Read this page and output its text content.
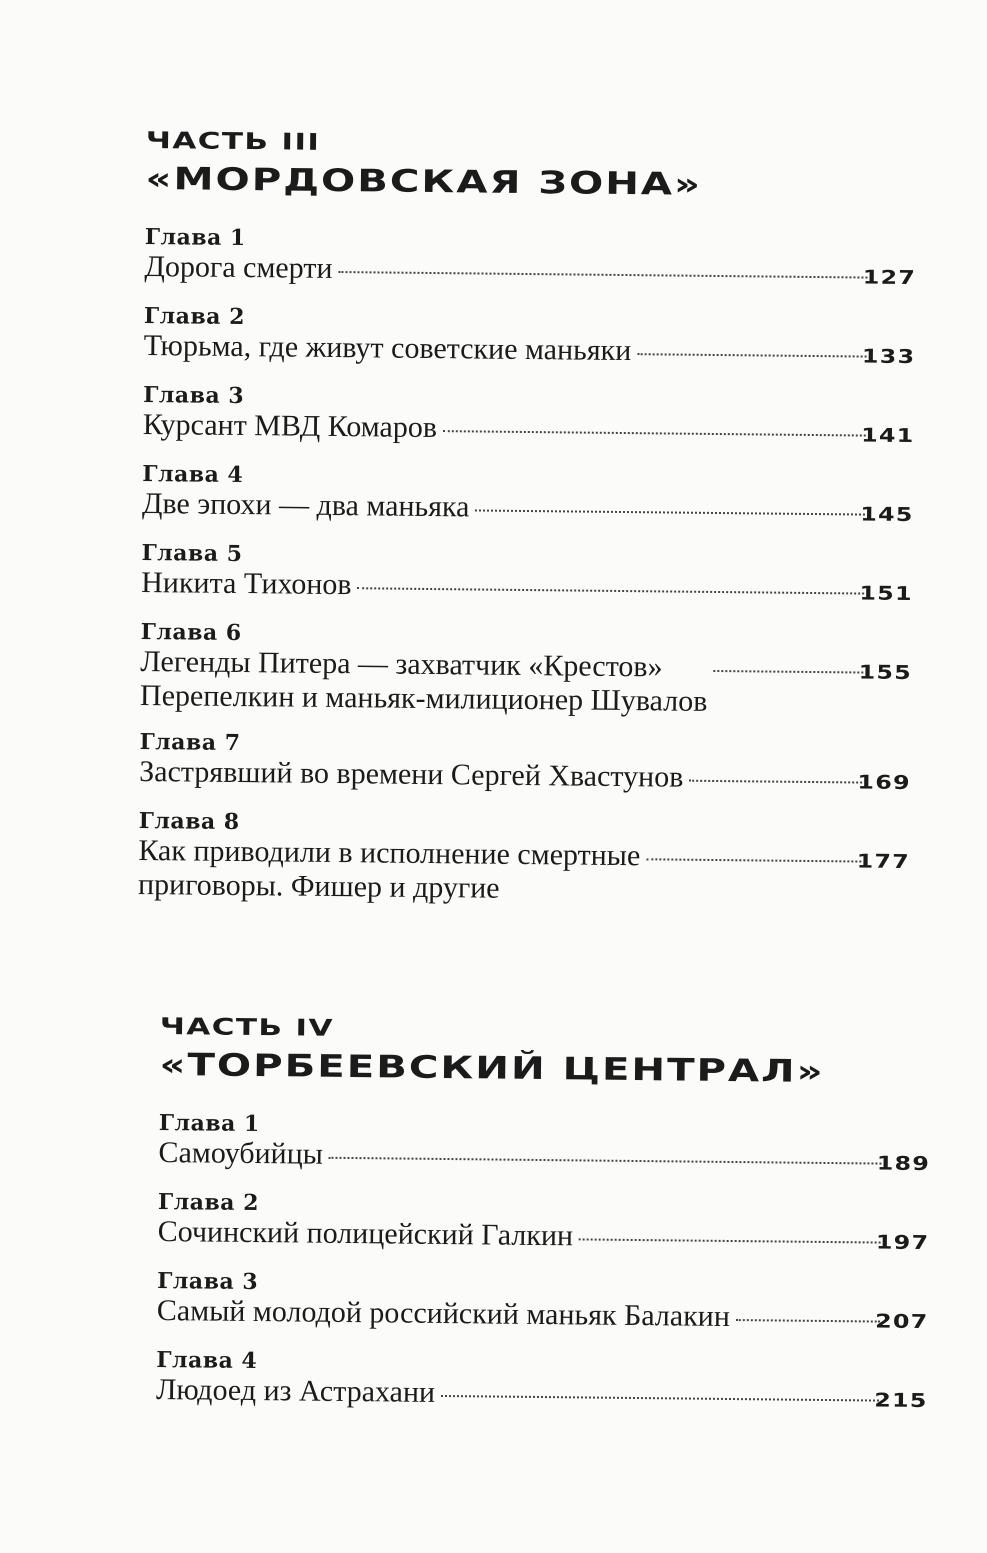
ЧАСТЬ III
«МОРДОВСКАЯ ЗОНА»
Глава 1
Дорога смерти	127
Глава 2
Тюрьма, где живут советские маньяки	133
Глава 3
Курсант МВД Комаров	141
Глава 4
Две эпохи — два маньяка	145
Глава 5
Никита Тихонов	151
Глава 6
Легенды Питера — захватчик «Крестов»
Перепелкин и маньяк-милиционер Шувалов
155
Глава 7
Застрявший во времени Сергей Хвастунов	169
Глава 8
Как приводили в исполнение смертные
приговоры. Фишер и другие
177
ЧАСТЬ IV
«ТОРБЕЕВСКИЙ ЦЕНТРАЛ»
Глава 1
Самоубийцы	189
Глава 2
Сочинский полицейский Галкин	197
Глава 3
Самый молодой российский маньяк Балакин	207
Глава 4
Людоед из Астрахани	215
